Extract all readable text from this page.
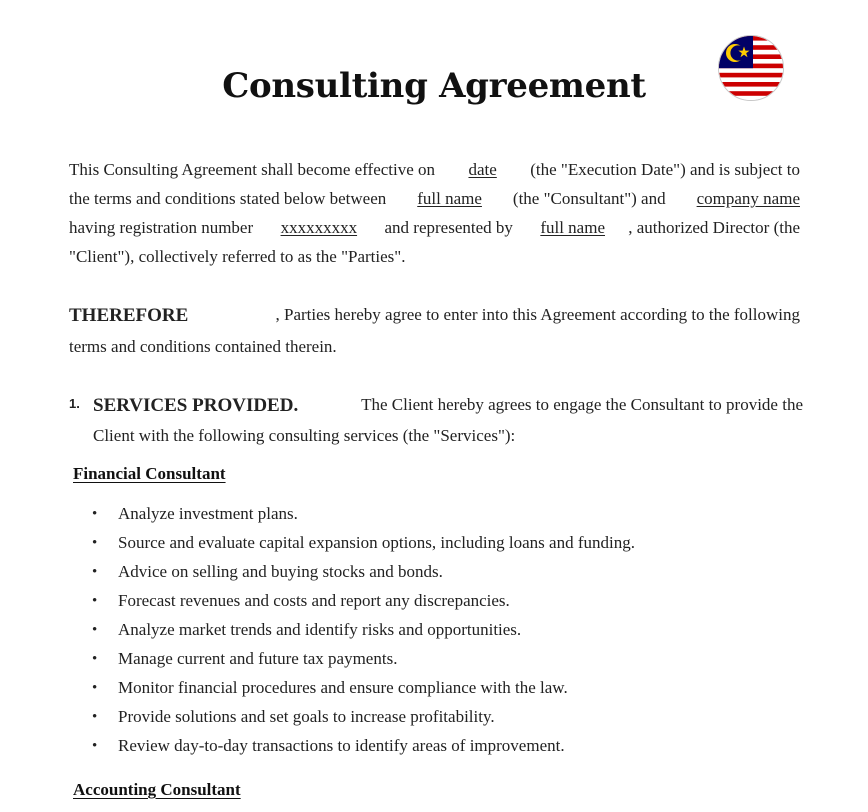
Consulting Agreement
This Consulting Agreement shall become effective on date (the "Execution Date") and is subject to
the terms and conditions stated below between full name (the "Consultant") and company name
having registration number xxxxxxxxx and represented by full name , authorized Director (the
"Client"), collectively referred to as the "Parties".
THEREFORE	, Parties hereby agree to enter into this Agreement according to the following
terms and conditions contained therein.
1. SERVICES PROVIDED.	The Client hereby agrees to engage the Consultant to provide the
Client with the following consulting services (the "Services"):
Financial Consultant
• Analyze investment plans.
• Source and evaluate capital expansion options, including loans and funding.
• Advice on selling and buying stocks and bonds.
• Forecast revenues and costs and report any discrepancies.
• Analyze market trends and identify risks and opportunities.
• Manage current and future tax payments.
• Monitor financial procedures and ensure compliance with the law.
• Provide solutions and set goals to increase profitability.
• Review day-to-day transactions to identify areas of improvement.
Accounting Consultant
